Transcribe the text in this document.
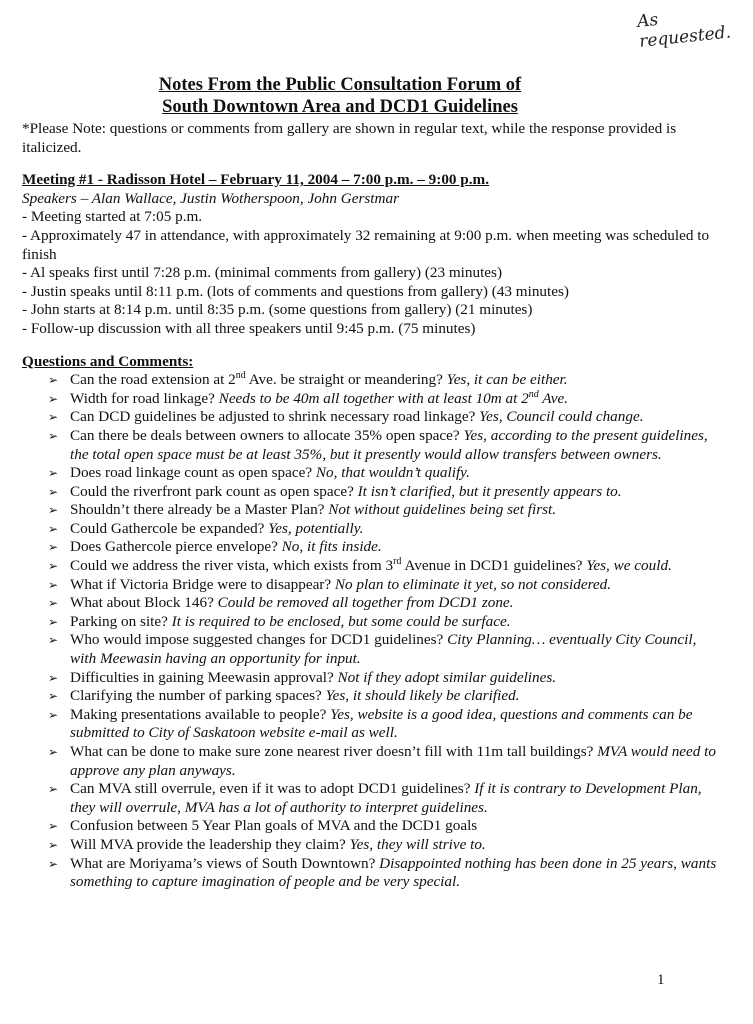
As requested.
Notes From the Public Consultation Forum of
South Downtown Area and DCD1 Guidelines

*Please Note: questions or comments from gallery are shown in regular text, while the response provided is italicized.

Meeting #1 - Radisson Hotel – February 11, 2004 – 7:00 p.m. – 9:00 p.m.

Speakers – Alan Wallace, Justin Wotherspoon, John Gerstmar

- Meeting started at 7:05 p.m.

- Approximately 47 in attendance, with approximately 32 remaining at 9:00 p.m. when meeting was scheduled to finish

- Al speaks first until 7:28 p.m. (minimal comments from gallery) (23 minutes)

- Justin speaks until 8:11 p.m. (lots of comments and questions from gallery) (43 minutes)

- John starts at 8:14 p.m. until 8:35 p.m. (some questions from gallery) (21 minutes)

- Follow-up discussion with all three speakers until 9:45 p.m. (75 minutes)

Questions and Comments:

➢ Can the road extension at 2nd Ave. be straight or meandering? Yes, it can be either.
➢ Width for road linkage? Needs to be 40m all together with at least 10m at 2nd Ave.
➢ Can DCD guidelines be adjusted to shrink necessary road linkage? Yes, Council could change.
➢ Can there be deals between owners to allocate 35% open space? Yes, according to the present guidelines, the total open space must be at least 35%, but it presently would allow transfers between owners.
➢ Does road linkage count as open space? No, that wouldn’t qualify.
➢ Could the riverfront park count as open space? It isn’t clarified, but it presently appears to.
➢ Shouldn’t there already be a Master Plan? Not without guidelines being set first.
➢ Could Gathercole be expanded? Yes, potentially.
➢ Does Gathercole pierce envelope? No, it fits inside.
➢ Could we address the river vista, which exists from 3rd Avenue in DCD1 guidelines? Yes, we could.
➢ What if Victoria Bridge were to disappear? No plan to eliminate it yet, so not considered.
➢ What about Block 146? Could be removed all together from DCD1 zone.
➢ Parking on site? It is required to be enclosed, but some could be surface.
➢ Who would impose suggested changes for DCD1 guidelines? City Planning… eventually City Council, with Meewasin having an opportunity for input.
➢ Difficulties in gaining Meewasin approval? Not if they adopt similar guidelines.
➢ Clarifying the number of parking spaces? Yes, it should likely be clarified.
➢ Making presentations available to people? Yes, website is a good idea, questions and comments can be submitted to City of Saskatoon website e-mail as well.
➢ What can be done to make sure zone nearest river doesn’t fill with 11m tall buildings? MVA would need to approve any plan anyways.
➢ Can MVA still overrule, even if it was to adopt DCD1 guidelines? If it is contrary to Development Plan, they will overrule, MVA has a lot of authority to interpret guidelines.
➢ Confusion between 5 Year Plan goals of MVA and the DCD1 goals
➢ Will MVA provide the leadership they claim? Yes, they will strive to.
➢ What are Moriyama’s views of South Downtown? Disappointed nothing has been done in 25 years, wants something to capture imagination of people and be very special.
1
